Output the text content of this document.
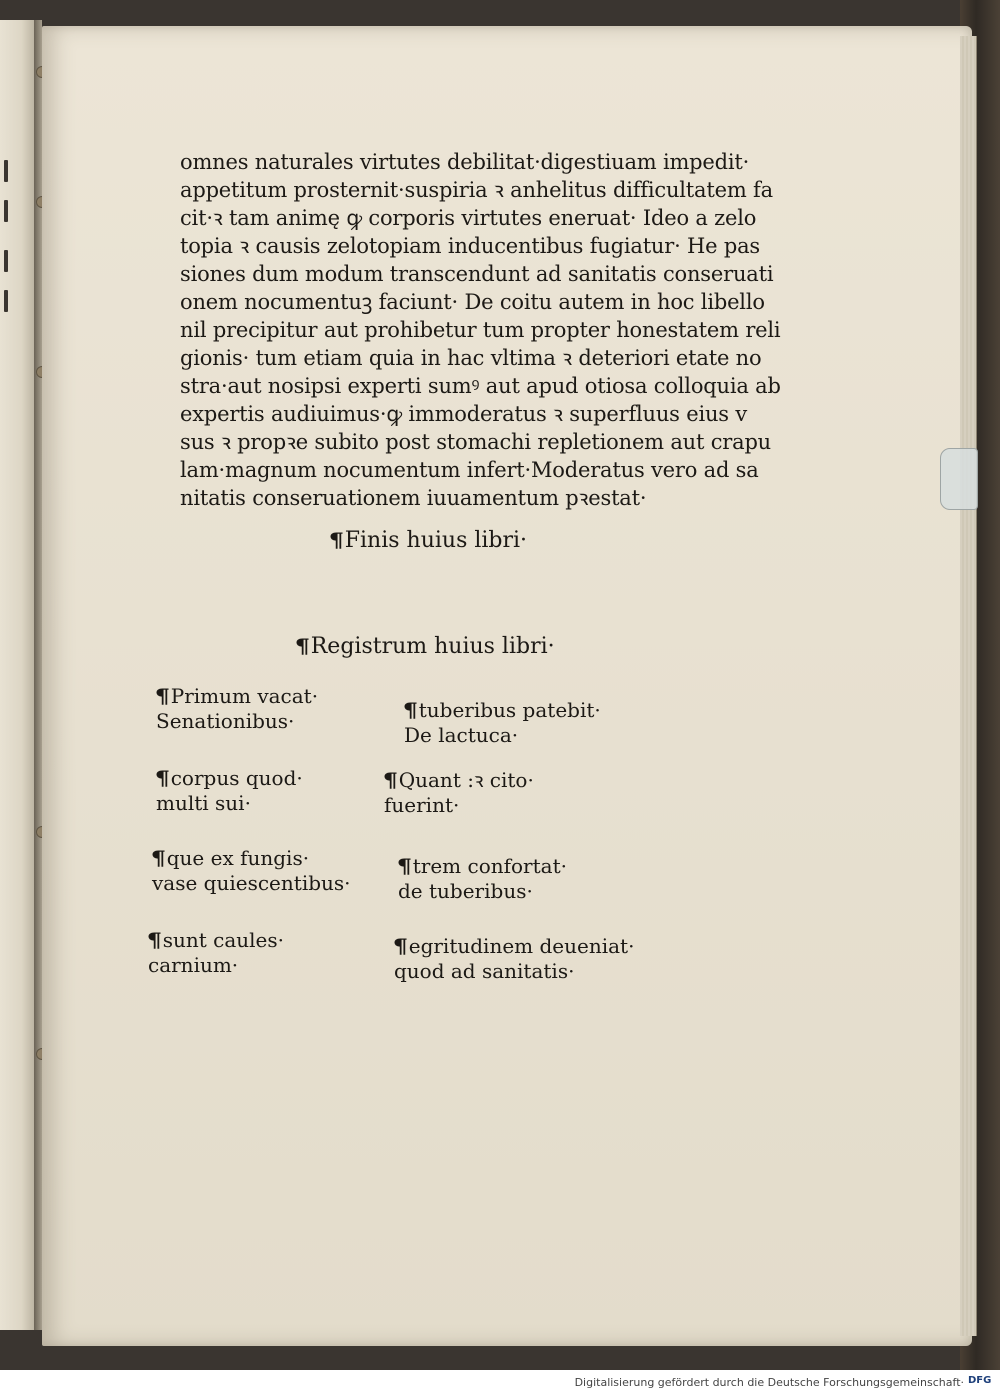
omnes naturales virtutes debilitat·digestiuam impedit·
appetitum prosternit·suspiria ꝛ anhelitus difficultatem fa
cit·ꝛ tam animę ꝙ corporis virtutes eneruat· Ideo a zelo
topia ꝛ causis zelotopiam inducentibus fugiatur· He pas
siones dum modum transcendunt ad sanitatis conseruati
onem nocumentuꝫ faciunt· De coitu autem in hoc libello
nil precipitur aut prohibetur tum propter honestatem reli
gionis· tum etiam quia in hac vltima ꝛ deteriori etate no
stra·aut nosipsi experti sumꝰ aut apud otiosa colloquia ab
expertis audiuimus·ꝙ immoderatus ꝛ superfluus eius v
sus ꝛ propꝛe subito post stomachi repletionem aut crapu
lam·magnum nocumentum infert·Moderatus vero ad sa
nitatis conseruationem iuuamentum pꝛestat·
¶Finis huius libri·
¶Registrum huius libri·
¶Primum vacat·
Senationibus·
¶corpus quod·
multi sui·
¶que ex fungis·
vase quiescentibus·
¶sunt caules·
carnium·
¶tuberibus patebit·
De lactuca·
¶Quant :ꝛ cito·
fuerint·
¶trem confortat·
de tuberibus·
¶egritudinem deueniat·
quod ad sanitatis·
Digitalisierung gefördert durch die Deutsche Forschungsgemeinschaft· DFG
